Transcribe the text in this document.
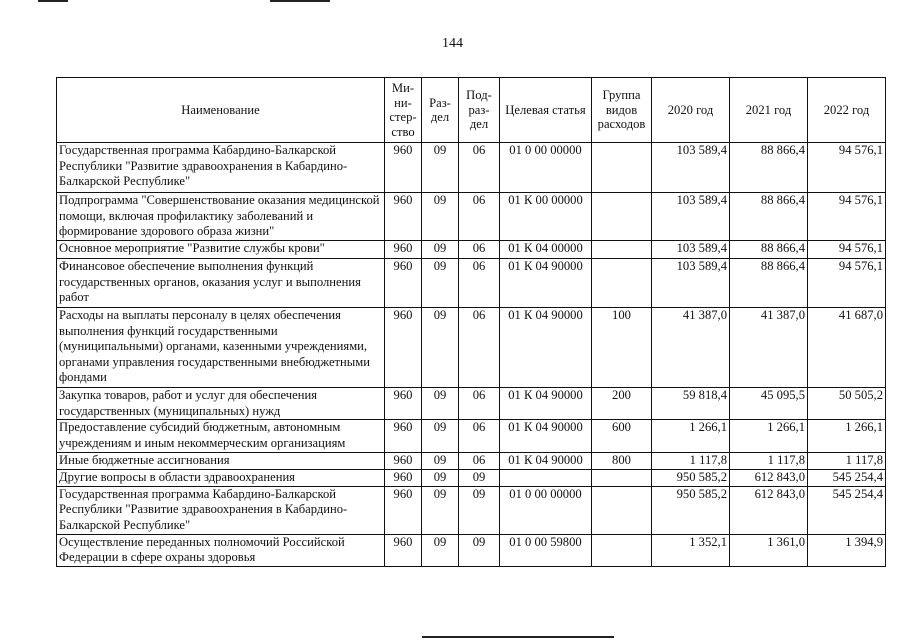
144
Наименование	Ми-ни-стер-ство	Раз-дел	Под-раз-дел	Целевая статья	Группа видов расходов	2020 год	2021 год	2022 год
Государственная программа Кабардино-Балкарской Республики "Развитие здравоохранения в Кабардино-Балкарской Республике"	960	09	06	01 0 00 00000		103 589,4	88 866,4	94 576,1
Подпрограмма "Совершенствование оказания медицинской помощи, включая профилактику заболеваний и формирование здорового образа жизни"	960	09	06	01 К 00 00000		103 589,4	88 866,4	94 576,1
Основное мероприятие "Развитие службы крови"	960	09	06	01 К 04 00000		103 589,4	88 866,4	94 576,1
Финансовое обеспечение выполнения функций государственных органов, оказания услуг и выполнения работ	960	09	06	01 К 04 90000		103 589,4	88 866,4	94 576,1
Расходы на выплаты персоналу в целях обеспечения выполнения функций государственными (муниципальными) органами, казенными учреждениями, органами управления государственными внебюджетными фондами	960	09	06	01 К 04 90000	100	41 387,0	41 387,0	41 687,0
Закупка товаров, работ и услуг для обеспечения государственных (муниципальных) нужд	960	09	06	01 К 04 90000	200	59 818,4	45 095,5	50 505,2
Предоставление субсидий бюджетным, автономным учреждениям и иным некоммерческим организациям	960	09	06	01 К 04 90000	600	1 266,1	1 266,1	1 266,1
Иные бюджетные ассигнования	960	09	06	01 К 04 90000	800	1 117,8	1 117,8	1 117,8
Другие вопросы в области здравоохранения	960	09	09			950 585,2	612 843,0	545 254,4
Государственная программа Кабардино-Балкарской Республики "Развитие здравоохранения в Кабардино-Балкарской Республике"	960	09	09	01 0 00 00000		950 585,2	612 843,0	545 254,4
Осуществление переданных полномочий Российской Федерации в сфере охраны здоровья	960	09	09	01 0 00 59800		1 352,1	1 361,0	1 394,9
